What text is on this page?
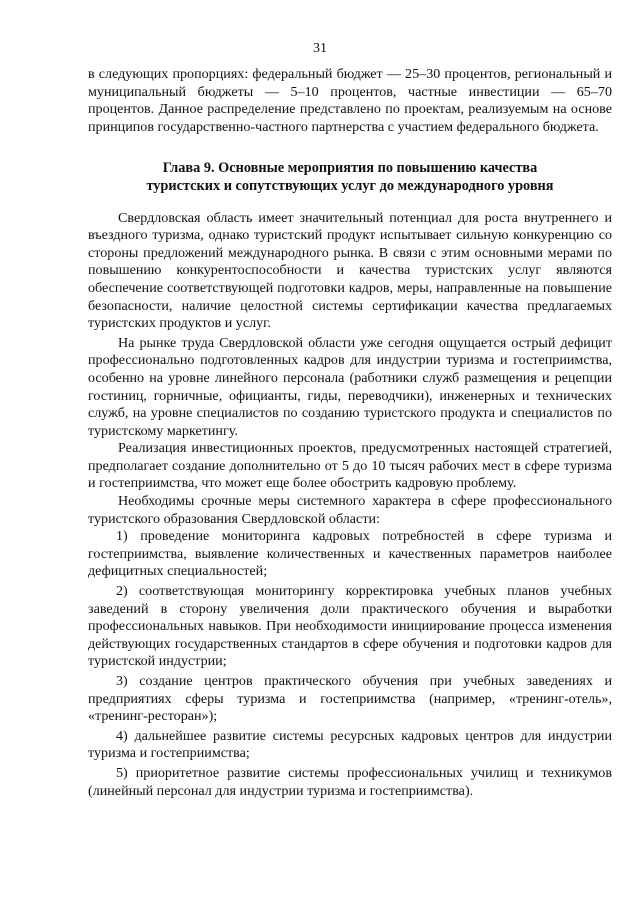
31

в следующих пропорциях: федеральный бюджет — 25–30 процентов, региональный и муниципальный бюджеты — 5–10 процентов, частные инвестиции — 65–70 процентов. Данное распределение представлено по проектам, реализуемым на основе принципов государственно-частного партнерства с участием федерального бюджета.

Глава 9. Основные мероприятия по повышению качества
туристских и сопутствующих услуг до международного уровня

Свердловская область имеет значительный потенциал для роста внутреннего и въездного туризма, однако туристский продукт испытывает сильную конкуренцию со стороны предложений международного рынка. В связи с этим основными мерами по повышению конкурентоспособности и качества туристских услуг являются обеспечение соответствующей подготовки кадров, меры, направленные на повышение безопасности, наличие целостной системы сертификации качества предлагаемых туристских продуктов и услуг.

На рынке труда Свердловской области уже сегодня ощущается острый дефицит профессионально подготовленных кадров для индустрии туризма и гостеприимства, особенно на уровне линейного персонала (работники служб размещения и рецепции гостиниц, горничные, официанты, гиды, переводчики), инженерных и технических служб, на уровне специалистов по созданию туристского продукта и специалистов по туристскому маркетингу.

Реализация инвестиционных проектов, предусмотренных настоящей стратегией, предполагает создание дополнительно от 5 до 10 тысяч рабочих мест в сфере туризма и гостеприимства, что может еще более обострить кадровую проблему.

Необходимы срочные меры системного характера в сфере профессионального туристского образования Свердловской области:

1) проведение мониторинга кадровых потребностей в сфере туризма и гостеприимства, выявление количественных и качественных параметров наиболее дефицитных специальностей;

2) соответствующая мониторингу корректировка учебных планов учебных заведений в сторону увеличения доли практического обучения и выработки профессиональных навыков. При необходимости инициирование процесса изменения действующих государственных стандартов в сфере обучения и подготовки кадров для туристской индустрии;

3) создание центров практического обучения при учебных заведениях и предприятиях сферы туризма и гостеприимства (например, «тренинг-отель», «тренинг-ресторан»);

4) дальнейшее развитие системы ресурсных кадровых центров для индустрии туризма и гостеприимства;

5) приоритетное развитие системы профессиональных училищ и техникумов (линейный персонал для индустрии туризма и гостеприимства).
